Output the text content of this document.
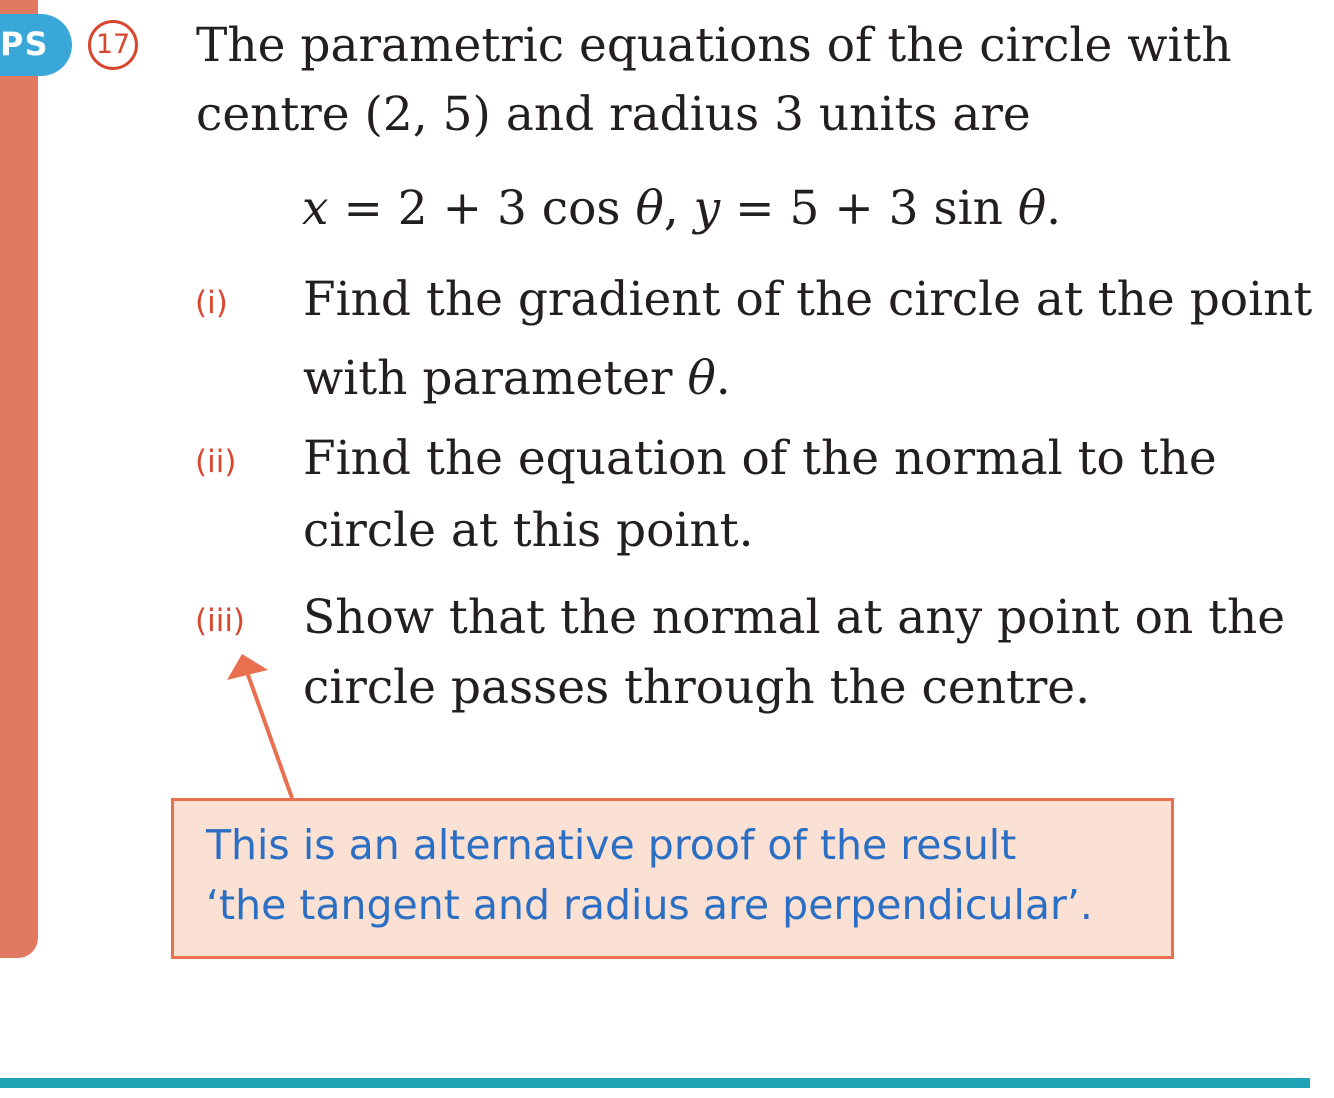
PS 17 The parametric equations of the circle with
centre (2, 5) and radius 3 units are
x = 2 + 3 cos θ, y = 5 + 3 sin θ.
(i) Find the gradient of the circle at the point
with parameter θ.
(ii) Find the equation of the normal to the
circle at this point.
(iii) Show that the normal at any point on the
circle passes through the centre.
This is an alternative proof of the result
‘the tangent and radius are perpendicular’.
